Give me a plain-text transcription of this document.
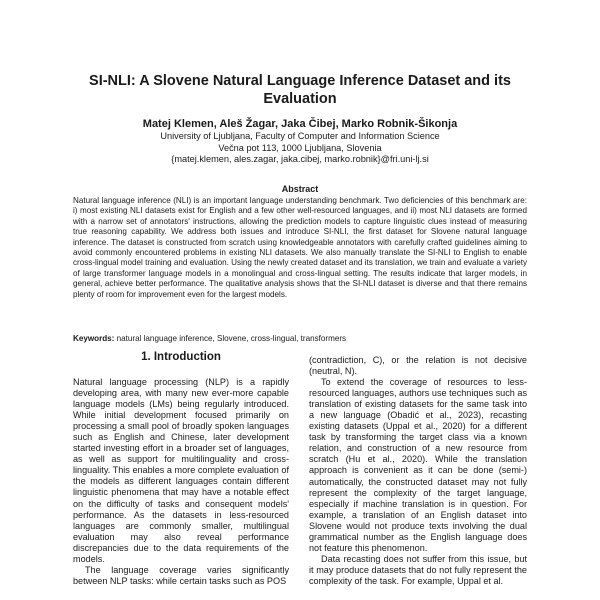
SI-NLI: A Slovene Natural Language Inference Dataset and its Evaluation
Matej Klemen, Aleš Žagar, Jaka Čibej, Marko Robnik-Šikonja
University of Ljubljana, Faculty of Computer and Information Science
Večna pot 113, 1000 Ljubljana, Slovenia
{matej.klemen, ales.zagar, jaka.cibej, marko.robnik}@fri.uni-lj.si
Abstract
Natural language inference (NLI) is an important language understanding benchmark. Two deficiencies of this benchmark are: i) most existing NLI datasets exist for English and a few other well-resourced languages, and ii) most NLI datasets are formed with a narrow set of annotators' instructions, allowing the prediction models to capture linguistic clues instead of measuring true reasoning capability. We address both issues and introduce SI-NLI, the first dataset for Slovene natural language inference. The dataset is constructed from scratch using knowledgeable annotators with carefully crafted guidelines aiming to avoid commonly encountered problems in existing NLI datasets. We also manually translate the SI-NLI to English to enable cross-lingual model training and evaluation. Using the newly created dataset and its translation, we train and evaluate a variety of large transformer language models in a monolingual and cross-lingual setting. The results indicate that larger models, in general, achieve better performance. The qualitative analysis shows that the SI-NLI dataset is diverse and that there remains plenty of room for improvement even for the largest models.
Keywords: natural language inference, Slovene, cross-lingual, transformers
1. Introduction

Natural language processing (NLP) is a rapidly developing area, with many new ever-more capable language models (LMs) being regularly introduced. While initial development focused primarily on processing a small pool of broadly spoken languages such as English and Chinese, later development started investing effort in a broader set of languages, as well as support for multilinguality and cross-linguality. This enables a more complete evaluation of the models as different languages contain different linguistic phenomena that may have a notable effect on the difficulty of tasks and consequent models' performance. As the datasets in less-resourced languages are commonly smaller, multilingual evaluation may also reveal performance discrepancies due to the data requirements of the models.

The language coverage varies significantly between NLP tasks: while certain tasks such as POS

(contradiction, C), or the relation is not decisive (neutral, N).

To extend the coverage of resources to less-resourced languages, authors use techniques such as translation of existing datasets for the same task into a new language (Obadić et al., 2023), recasting existing datasets (Uppal et al., 2020) for a different task by transforming the target class via a known relation, and construction of a new resource from scratch (Hu et al., 2020). While the translation approach is convenient as it can be done (semi-) automatically, the constructed dataset may not fully represent the complexity of the target language, especially if machine translation is in question. For example, a translation of an English dataset into Slovene would not produce texts involving the dual grammatical number as the English language does not feature this phenomenon.

Data recasting does not suffer from this issue, but it may produce datasets that do not fully represent the complexity of the task. For example, Uppal et al.
